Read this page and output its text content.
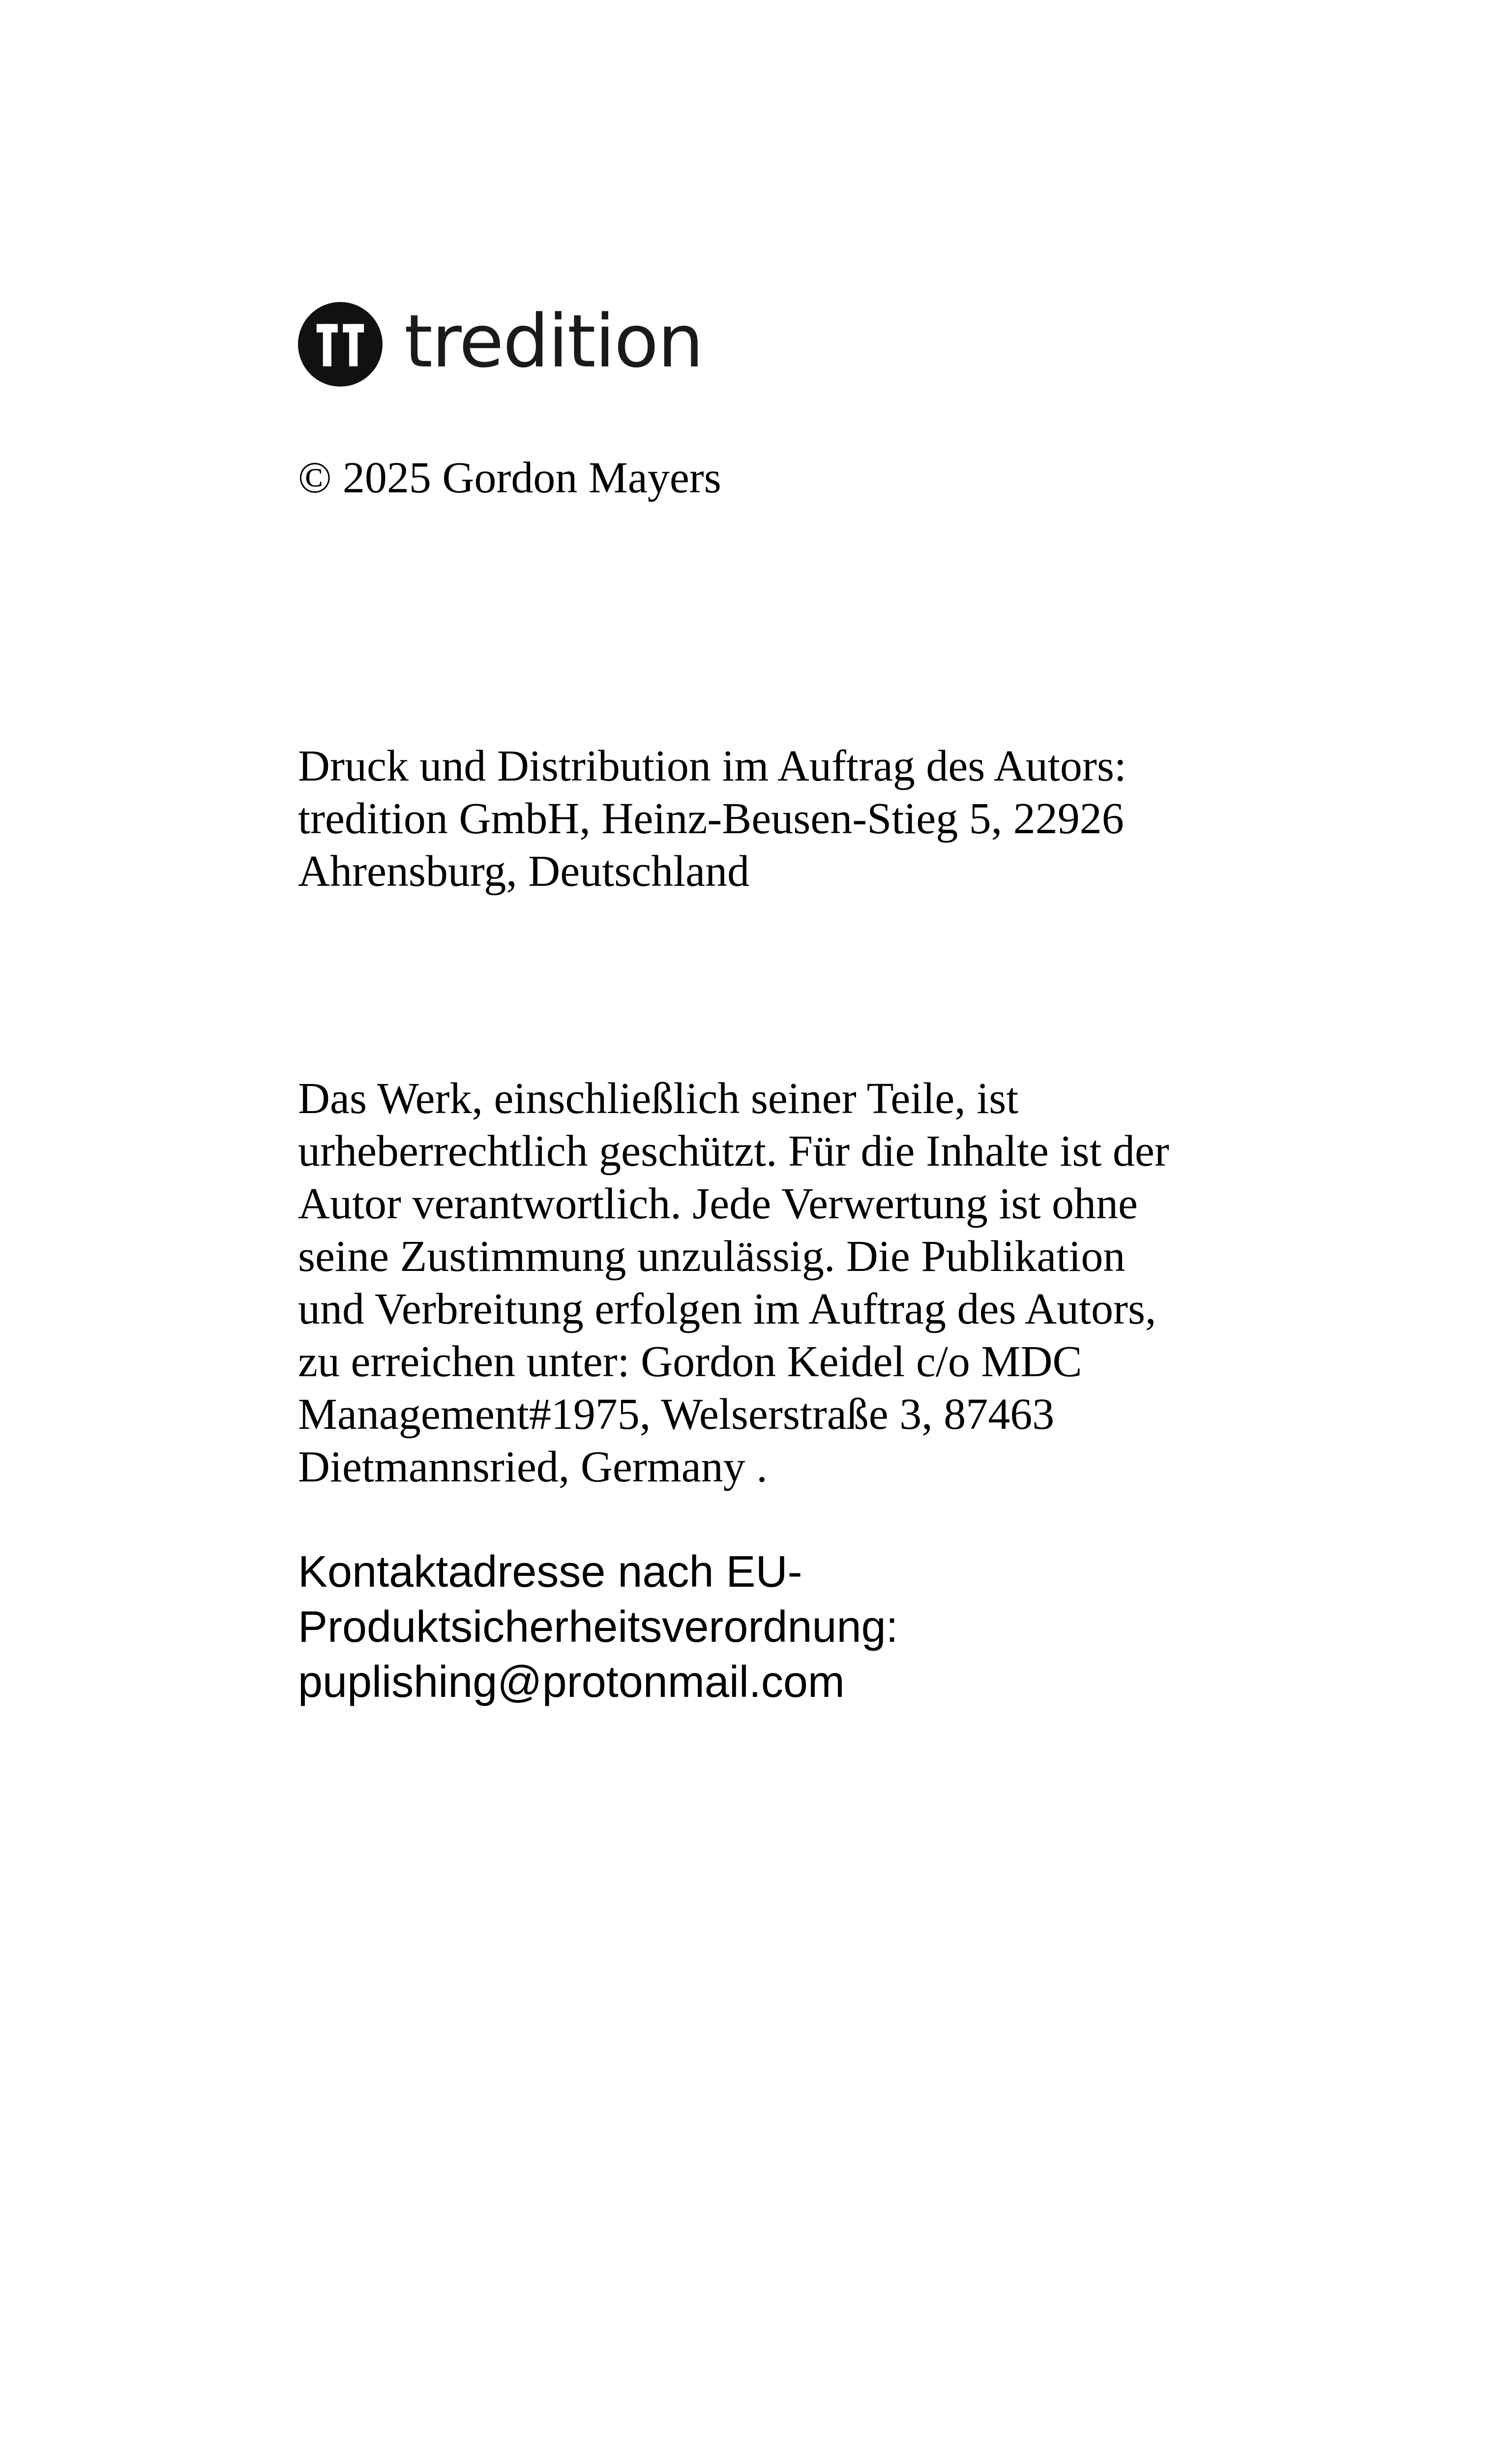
tredition
© 2025 Gordon Mayers
Druck und Distribution im Auftrag des Autors:
tredition GmbH, Heinz-Beusen-Stieg 5, 22926
Ahrensburg, Deutschland
Das Werk, einschließlich seiner Teile, ist
urheberrechtlich geschützt. Für die Inhalte ist der
Autor verantwortlich. Jede Verwertung ist ohne
seine Zustimmung unzulässig. Die Publikation
und Verbreitung erfolgen im Auftrag des Autors,
zu erreichen unter: Gordon Keidel c/o MDC
Management#1975, Welserstraße 3, 87463
Dietmannsried, Germany .
Kontaktadresse nach EU-
Produktsicherheitsverordnung:
puplishing@protonmail.com
